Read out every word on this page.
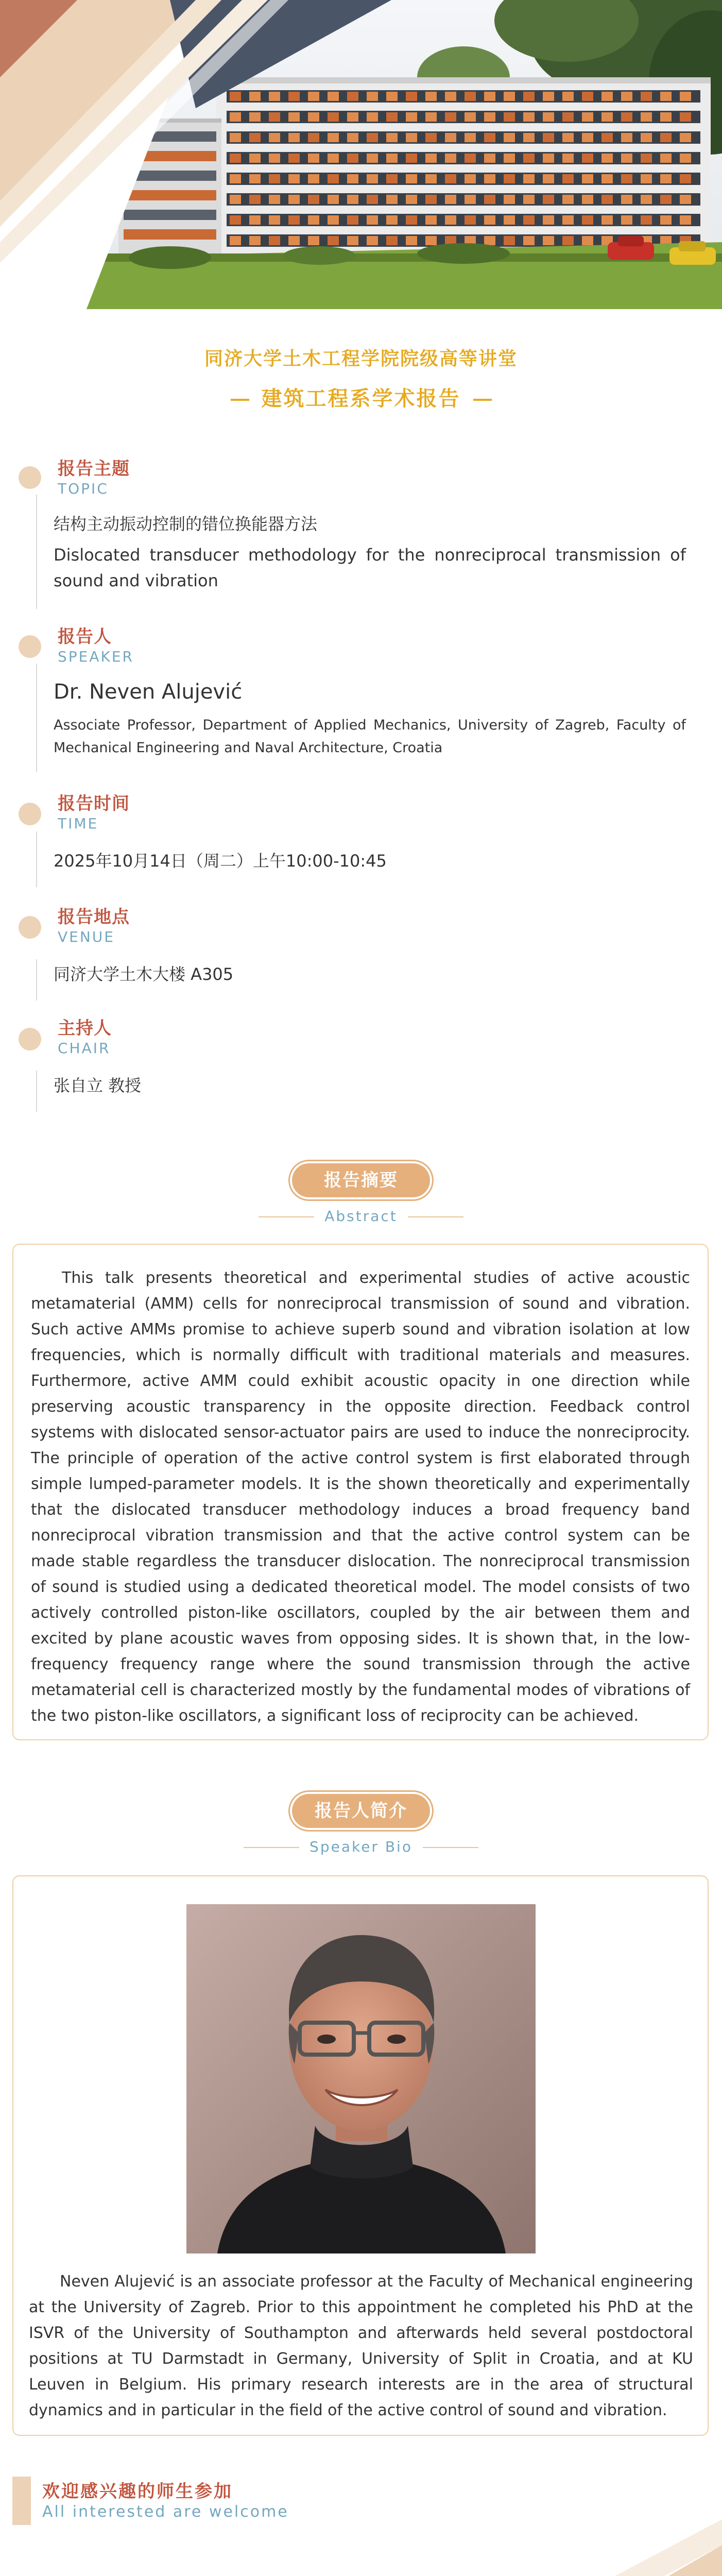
同济大学土木工程学院院级高等讲堂
建筑工程系学术报告
报告主题
TOPIC
结构主动振动控制的错位换能器方法
Dislocated transducer methodology for the nonreciprocal transmission of sound and vibration
报告人
SPEAKER
Dr. Neven Alujević
Associate Professor, Department of Applied Mechanics, University of Zagreb, Faculty of Mechanical Engineering and Naval Architecture, Croatia
报告时间
TIME
2025年10月14日（周二）上午10:00-10:45
报告地点
VENUE
同济大学土木大楼 A305
主持人
CHAIR
张自立 教授
报告摘要
Abstract
This talk presents theoretical and experimental studies of active acoustic metamaterial (AMM) cells for nonreciprocal transmission of sound and vibration. Such active AMMs promise to achieve superb sound and vibration isolation at low frequencies, which is normally difficult with traditional materials and measures. Furthermore, active AMM could exhibit acoustic opacity in one direction while preserving acoustic transparency in the opposite direction. Feedback control systems with dislocated sensor-actuator pairs are used to induce the nonreciprocity. The principle of operation of the active control system is first elaborated through simple lumped-parameter models. It is the shown theoretically and experimentally that the dislocated transducer methodology induces a broad frequency band nonreciprocal vibration transmission and that the active control system can be made stable regardless the transducer dislocation. The nonreciprocal transmission of sound is studied using a dedicated theoretical model. The model consists of two actively controlled piston-like oscillators, coupled by the air between them and excited by plane acoustic waves from opposing sides. It is shown that, in the low-frequency frequency range where the sound transmission through the active metamaterial cell is characterized mostly by the fundamental modes of vibrations of the two piston-like oscillators, a significant loss of reciprocity can be achieved.
报告人简介
Speaker Bio
Neven Alujević is an associate professor at the Faculty of Mechanical engineering at the University of Zagreb. Prior to this appointment he completed his PhD at the ISVR of the University of Southampton and afterwards held several postdoctoral positions at TU Darmstadt in Germany, University of Split in Croatia, and at KU Leuven in Belgium. His primary research interests are in the area of structural dynamics and in particular in the field of the active control of sound and vibration.
欢迎感兴趣的师生参加
All interested are welcome
